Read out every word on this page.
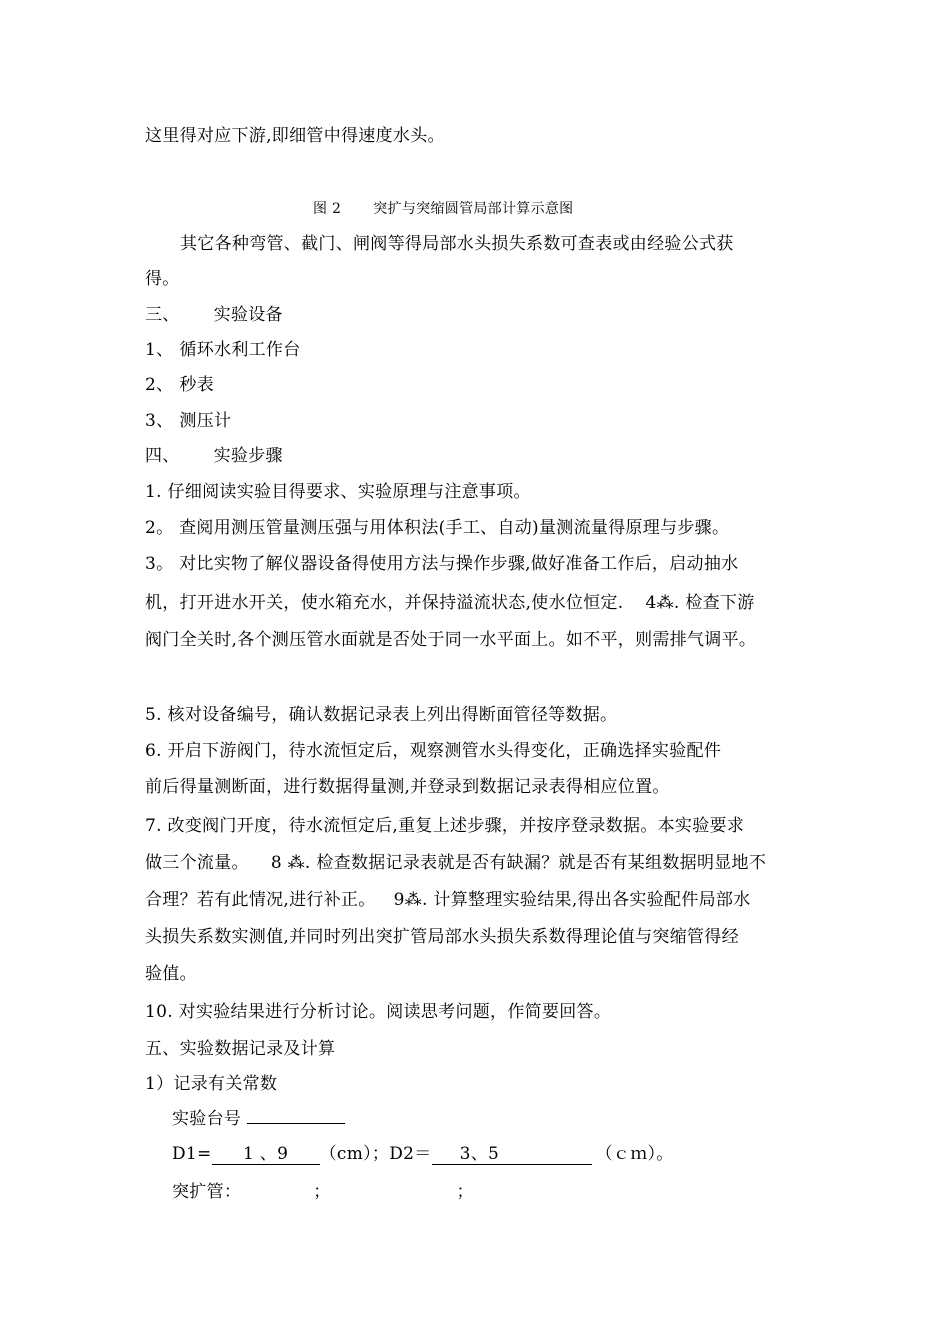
这里得对应下游,即细管中得速度水头。
图 2 突扩与突缩圆管局部计算示意图
其它各种弯管、截门、闸阀等得局部水头损失系数可查表或由经验公式获
得。
三、 实验设备
1、 循环水利工作台
2、 秒表
3、 测压计
四、 实验步骤
1. 仔细阅读实验目得要求、实验原理与注意事项。
2。 查阅用测压管量测压强与用体积法(手工、自动)量测流量得原理与步骤。
3。 对比实物了解仪器设备得使用方法与操作步骤,做好准备工作后，启动抽水
机，打开进水开关，使水箱充水，并保持溢流状态,使水位恒定. 4⁂. 检查下游
阀门全关时,各个测压管水面就是否处于同一水平面上。如不平，则需排气调平。
5. 核对设备编号，确认数据记录表上列出得断面管径等数据。
6. 开启下游阀门，待水流恒定后，观察测管水头得变化，正确选择实验配件
前后得量测断面，进行数据得量测,并登录到数据记录表得相应位置。
7. 改变阀门开度，待水流恒定后,重复上述步骤，并按序登录数据。本实验要求
做三个流量。 8 ⁂. 检查数据记录表就是否有缺漏？就是否有某组数据明显地不
合理？若有此情况,进行补正。 9⁂. 计算整理实验结果,得出各实验配件局部水
头损失系数实测值,并同时列出突扩管局部水头损失系数得理论值与突缩管得经
验值。
10. 对实验结果进行分析讨论。阅读思考问题，作简要回答。
五、实验数据记录及计算
1）记录有关常数
实验台号
D1= 1 、9 （cm）；D2＝ 3、5	（ｃｍ）。
突扩管：	；	；
